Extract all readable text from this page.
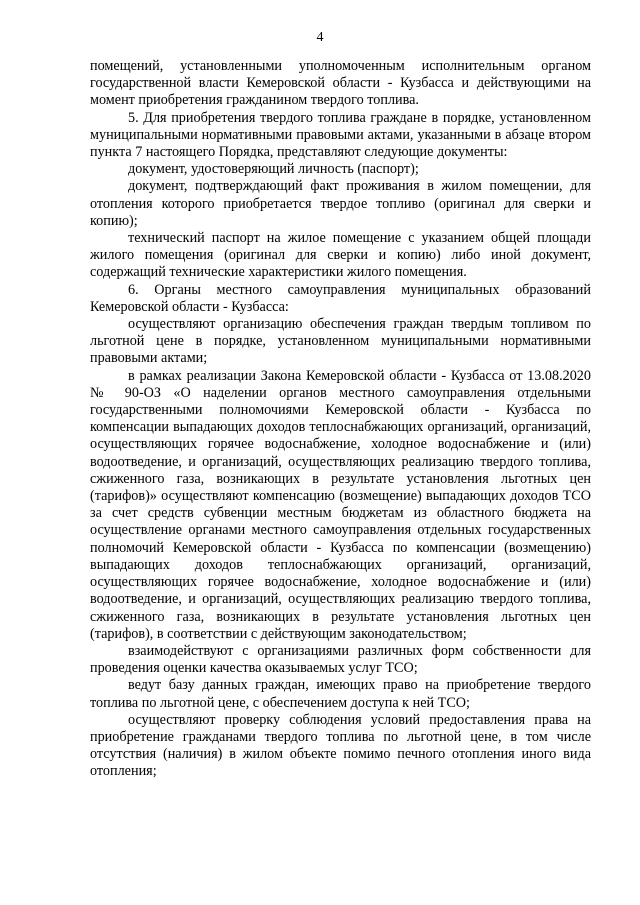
4

помещений, установленными уполномоченным исполнительным органом государственной власти Кемеровской области - Кузбасса и действующими на момент приобретения гражданином твердого топлива.

5. Для приобретения твердого топлива граждане в порядке, установленном муниципальными нормативными правовыми актами, указанными в абзаце втором пункта 7 настоящего Порядка, представляют следующие документы:

документ, удостоверяющий личность (паспорт);

документ, подтверждающий факт проживания в жилом помещении, для отопления которого приобретается твердое топливо (оригинал для сверки и копию);

технический паспорт на жилое помещение с указанием общей площади жилого помещения (оригинал для сверки и копию) либо иной документ, содержащий технические характеристики жилого помещения.

6. Органы местного самоуправления муниципальных образований Кемеровской области - Кузбасса:

осуществляют организацию обеспечения граждан твердым топливом по льготной цене в порядке, установленном муниципальными нормативными правовыми актами;

в рамках реализации Закона Кемеровской области - Кузбасса от 13.08.2020 № 90-ОЗ «О наделении органов местного самоуправления отдельными государственными полномочиями Кемеровской области - Кузбасса по компенсации выпадающих доходов теплоснабжающих организаций, организаций, осуществляющих горячее водоснабжение, холодное водоснабжение и (или) водоотведение, и организаций, осуществляющих реализацию твердого топлива, сжиженного газа, возникающих в результате установления льготных цен (тарифов)» осуществляют компенсацию (возмещение) выпадающих доходов ТСО за счет средств субвенции местным бюджетам из областного бюджета на осуществление органами местного самоуправления отдельных государственных полномочий Кемеровской области - Кузбасса по компенсации (возмещению) выпадающих доходов теплоснабжающих организаций, организаций, осуществляющих горячее водоснабжение, холодное водоснабжение и (или) водоотведение, и организаций, осуществляющих реализацию твердого топлива, сжиженного газа, возникающих в результате установления льготных цен (тарифов), в соответствии с действующим законодательством;

взаимодействуют с организациями различных форм собственности для проведения оценки качества оказываемых услуг ТСО;

ведут базу данных граждан, имеющих право на приобретение твердого топлива по льготной цене, с обеспечением доступа к ней ТСО;

осуществляют проверку соблюдения условий предоставления права на приобретение гражданами твердого топлива по льготной цене, в том числе отсутствия (наличия) в жилом объекте помимо печного отопления иного вида отопления;
